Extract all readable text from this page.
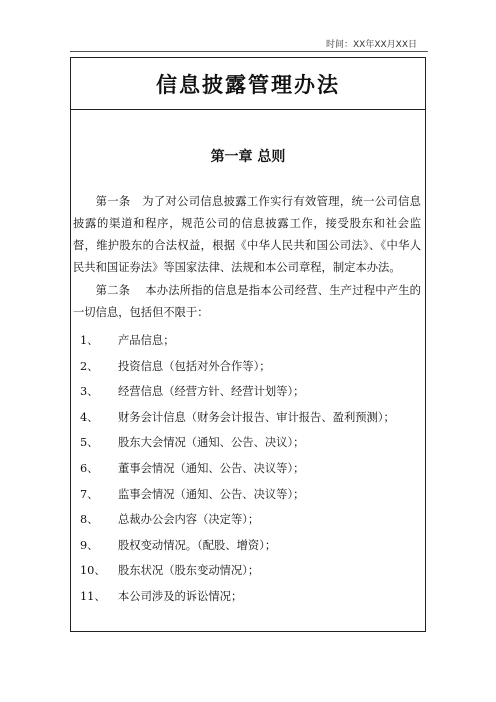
时间：XX年XX月XX日
信息披露管理办法
第一章 总则
第一条 为了对公司信息披露工作实行有效管理，统一公司信息披露的渠道和程序，规范公司的信息披露工作，接受股东和社会监督，维护股东的合法权益，根据《中华人民共和国公司法》、《中华人民共和国证券法》等国家法律、法规和本公司章程，制定本办法。
第二条 本办法所指的信息是指本公司经营、生产过程中产生的一切信息，包括但不限于：
1、	产品信息；
2、	投资信息（包括对外合作等）；
3、	经营信息（经营方针、经营计划等）；
4、	财务会计信息（财务会计报告、审计报告、盈利预测）；
5、	股东大会情况（通知、公告、决议）；
6、	董事会情况（通知、公告、决议等）；
7、	监事会情况（通知、公告、决议等）；
8、	总裁办公会内容（决定等）；
9、	股权变动情况。（配股、增资）；
10、	股东状况（股东变动情况）；
11、	本公司涉及的诉讼情况；
